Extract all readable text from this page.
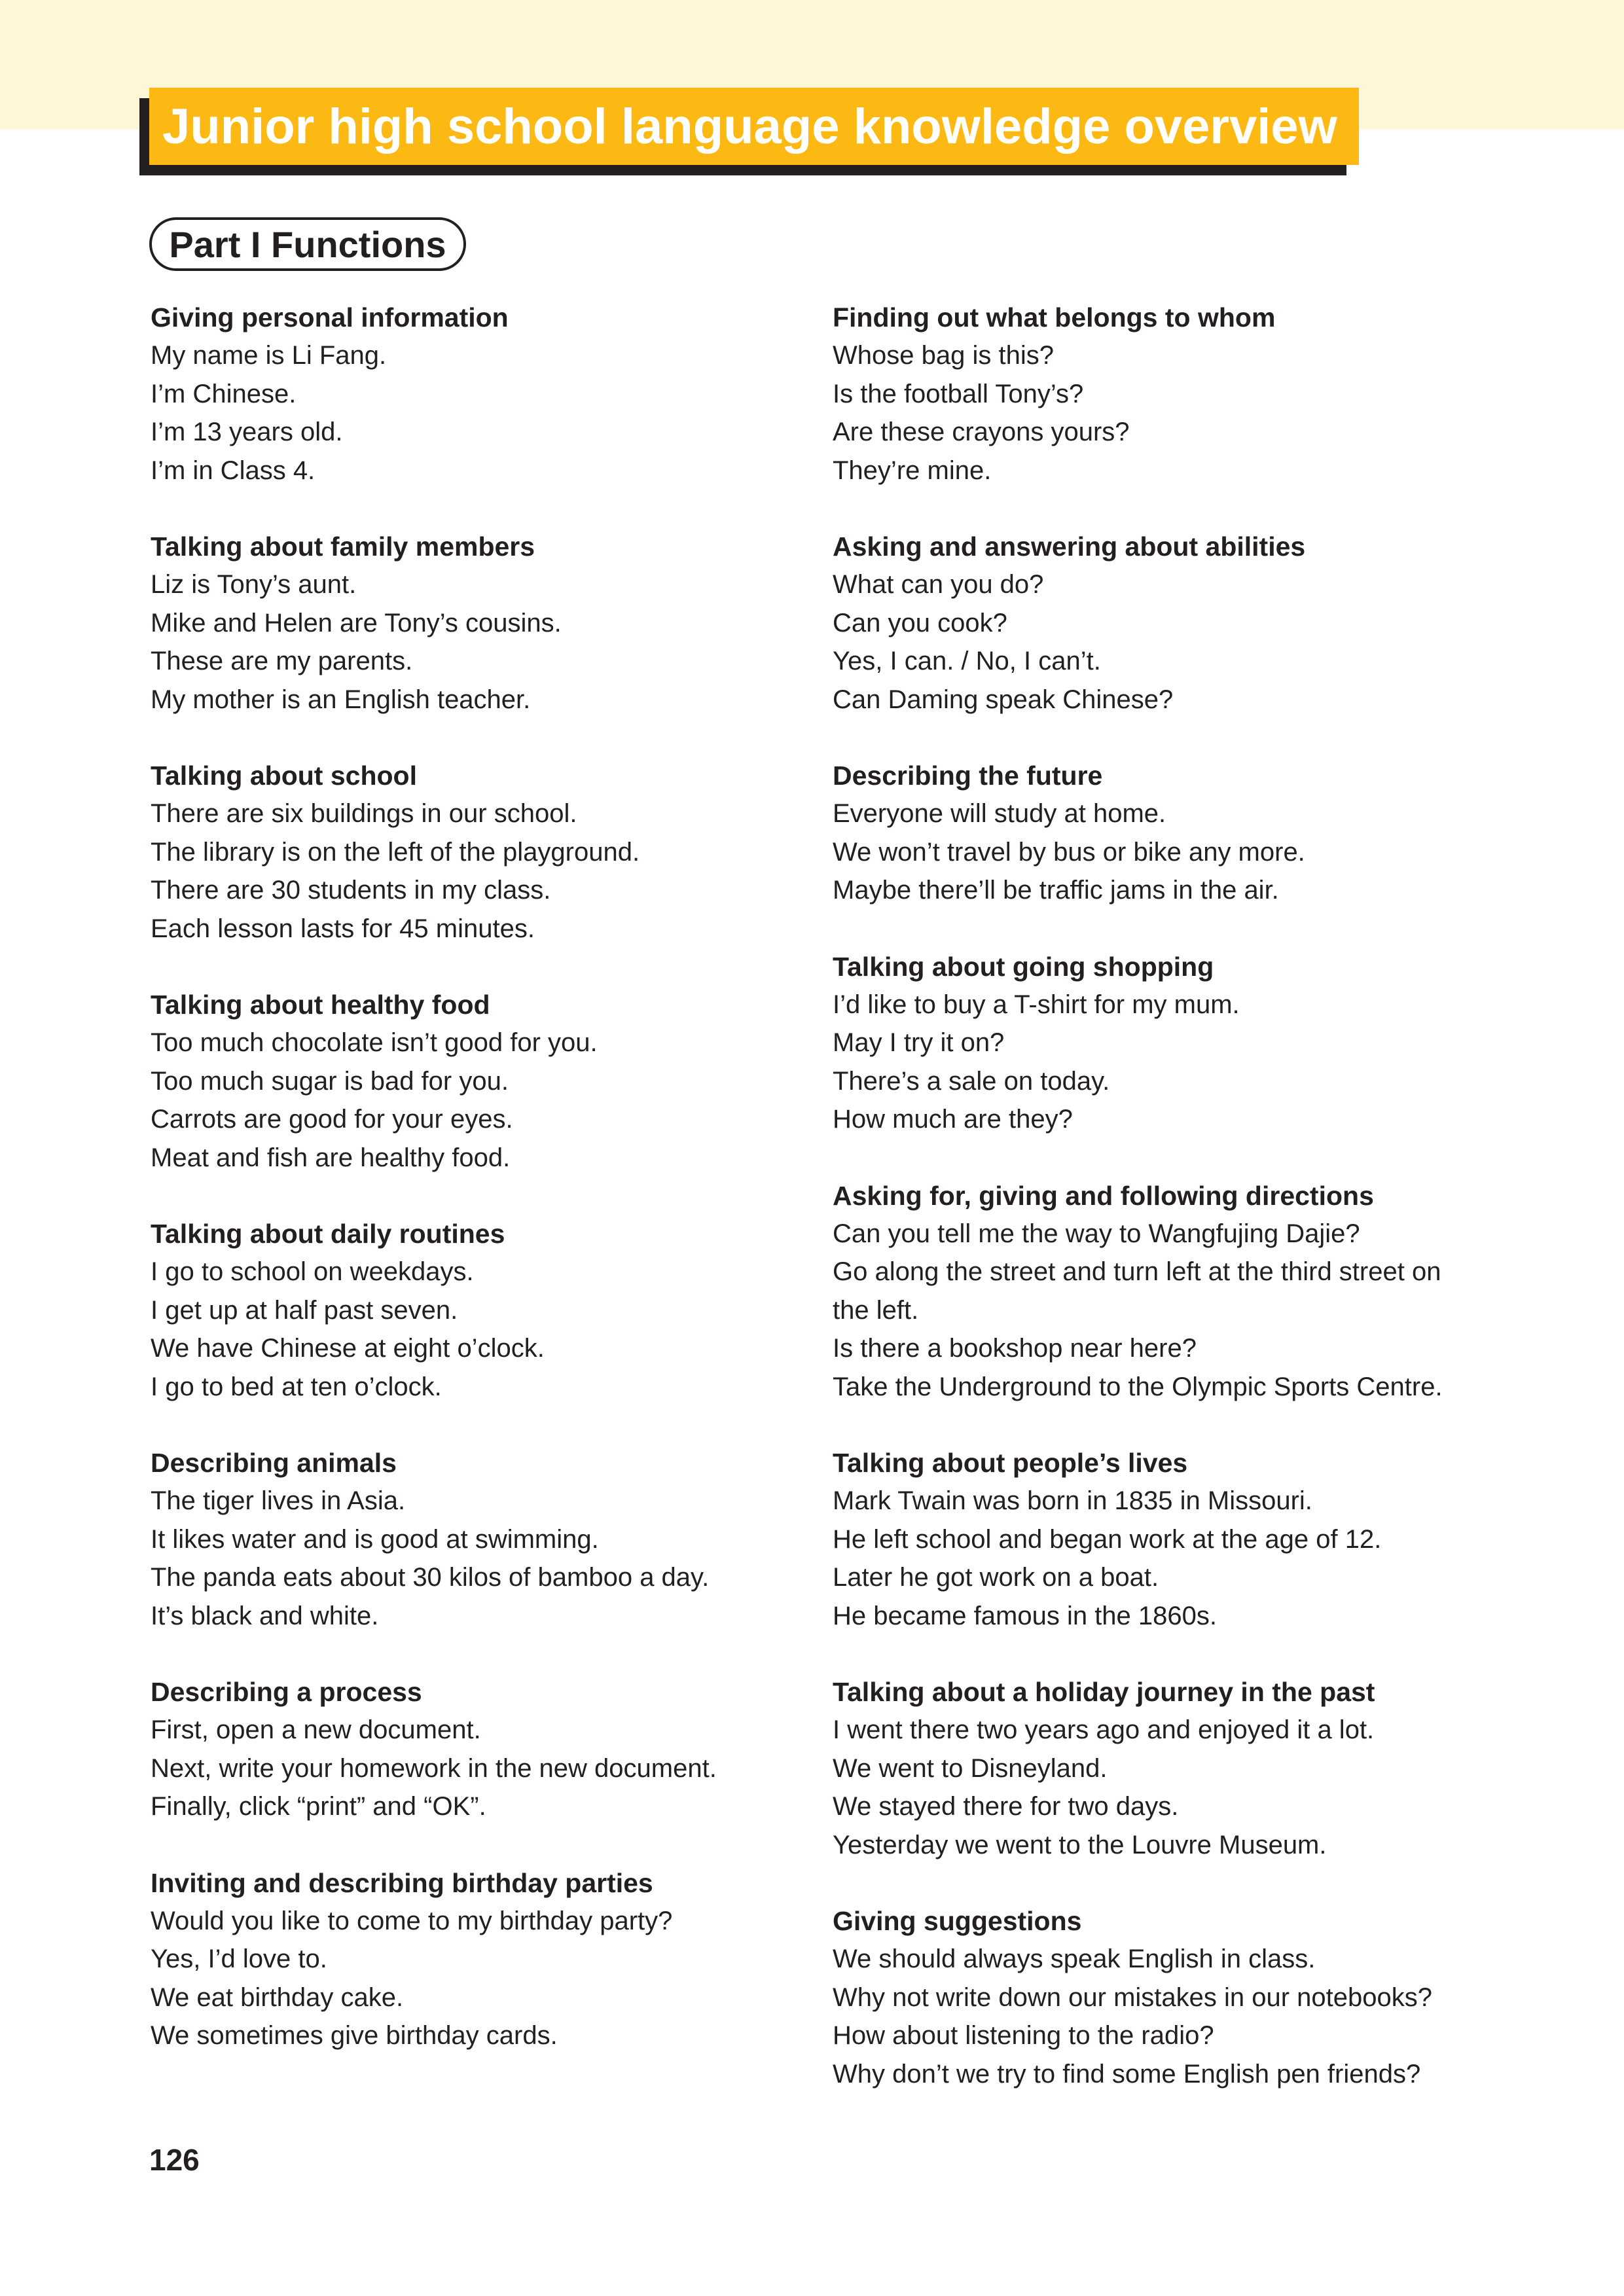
Junior high school language knowledge overview
Part I Functions
Giving personal information

My name is Li Fang.

I’m Chinese.

I’m 13 years old.

I’m in Class 4.

Talking about family members

Liz is Tony’s aunt.

Mike and Helen are Tony’s cousins.

These are my parents.

My mother is an English teacher.

Talking about school

There are six buildings in our school.

The library is on the left of the playground.

There are 30 students in my class.

Each lesson lasts for 45 minutes.

Talking about healthy food

Too much chocolate isn’t good for you.

Too much sugar is bad for you.

Carrots are good for your eyes.

Meat and fish are healthy food.

Talking about daily routines

I go to school on weekdays.

I get up at half past seven.

We have Chinese at eight o’clock.

I go to bed at ten o’clock.

Describing animals

The tiger lives in Asia.

It likes water and is good at swimming.

The panda eats about 30 kilos of bamboo a day.

It’s black and white.

Describing a process

First, open a new document.

Next, write your homework in the new document.

Finally, click “print” and “OK”.

Inviting and describing birthday parties

Would you like to come to my birthday party?

Yes, I’d love to.

We eat birthday cake.

We sometimes give birthday cards.

Finding out what belongs to whom

Whose bag is this?

Is the football Tony’s?

Are these crayons yours?

They’re mine.

Asking and answering about abilities

What can you do?

Can you cook?

Yes, I can. / No, I can’t.

Can Daming speak Chinese?

Describing the future

Everyone will study at home.

We won’t travel by bus or bike any more.

Maybe there’ll be traffic jams in the air.

Talking about going shopping

I’d like to buy a T-shirt for my mum.

May I try it on?

There’s a sale on today.

How much are they?

Asking for, giving and following directions

Can you tell me the way to Wangfujing Dajie?

Go along the street and turn left at the third street on

the left.

Is there a bookshop near here?

Take the Underground to the Olympic Sports Centre.

Talking about people’s lives

Mark Twain was born in 1835 in Missouri.

He left school and began work at the age of 12.

Later he got work on a boat.

He became famous in the 1860s.

Talking about a holiday journey in the past

I went there two years ago and enjoyed it a lot.

We went to Disneyland.

We stayed there for two days.

Yesterday we went to the Louvre Museum.

Giving suggestions

We should always speak English in class.

Why not write down our mistakes in our notebooks?

How about listening to the radio?

Why don’t we try to find some English pen friends?

126
